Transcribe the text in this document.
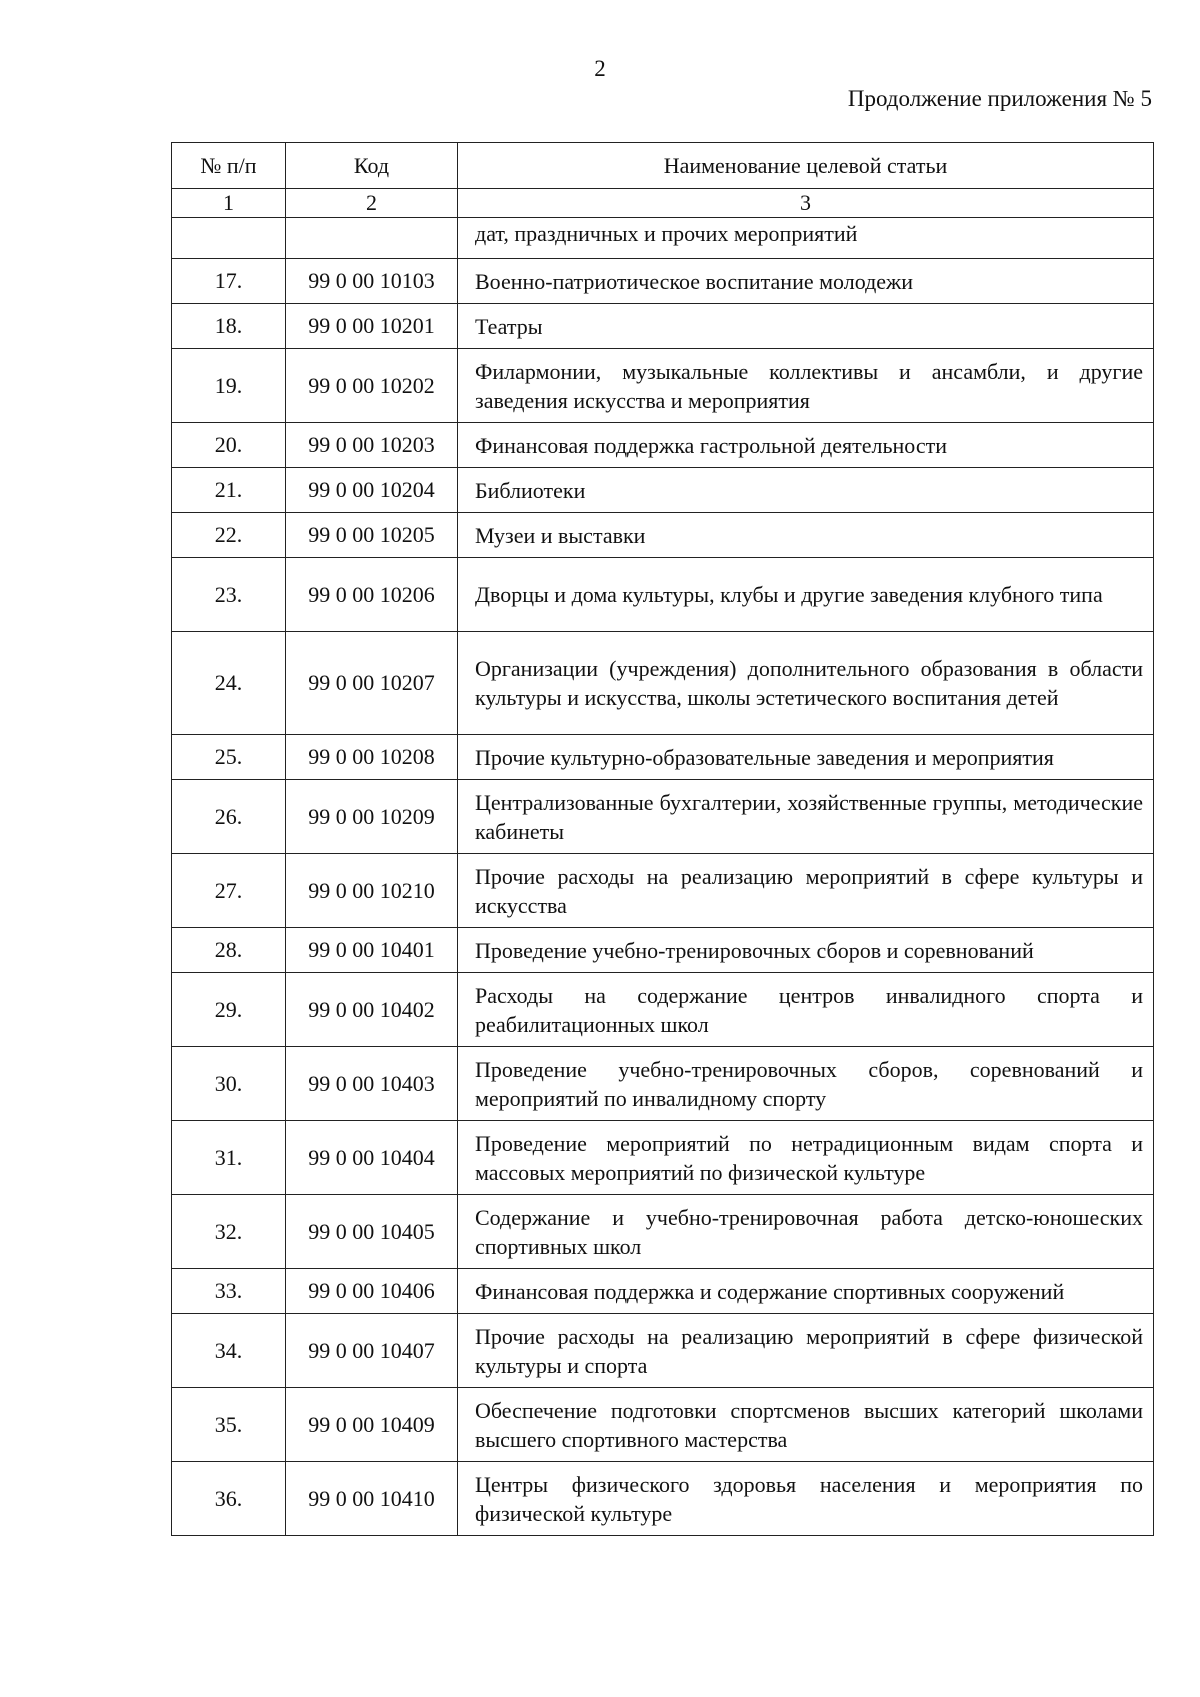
2
Продолжение приложения № 5
№ п/п	Код	Наименование целевой статьи
1	2	3
		дат, праздничных и прочих мероприятий
17.	99 0 00 10103	Военно-патриотическое воспитание молодежи
18.	99 0 00 10201	Театры
19.	99 0 00 10202	Филармонии, музыкальные коллективы и ансамбли, и другие заведения искусства и мероприятия
20.	99 0 00 10203	Финансовая поддержка гастрольной деятельности
21.	99 0 00 10204	Библиотеки
22.	99 0 00 10205	Музеи и выставки
23.	99 0 00 10206	Дворцы и дома культуры, клубы и другие заведения клубного типа
24.	99 0 00 10207	Организации (учреждения) дополнительного образования в области культуры и искусства, школы эстетического воспитания детей
25.	99 0 00 10208	Прочие культурно-образовательные заведения и мероприятия
26.	99 0 00 10209	Централизованные бухгалтерии, хозяйственные группы, методические кабинеты
27.	99 0 00 10210	Прочие расходы на реализацию мероприятий в сфере культуры и искусства
28.	99 0 00 10401	Проведение учебно-тренировочных сборов и соревнований
29.	99 0 00 10402	Расходы на содержание центров инвалидного спорта и реабилитационных школ
30.	99 0 00 10403	Проведение учебно-тренировочных сборов, соревнований и мероприятий по инвалидному спорту
31.	99 0 00 10404	Проведение мероприятий по нетрадиционным видам спорта и массовых мероприятий по физической культуре
32.	99 0 00 10405	Содержание и учебно-тренировочная работа детско-юношеских спортивных школ
33.	99 0 00 10406	Финансовая поддержка и содержание спортивных сооружений
34.	99 0 00 10407	Прочие расходы на реализацию мероприятий в сфере физической культуры и спорта
35.	99 0 00 10409	Обеспечение подготовки спортсменов высших категорий школами высшего спортивного мастерства
36.	99 0 00 10410	Центры физического здоровья населения и мероприятия по физической культуре
